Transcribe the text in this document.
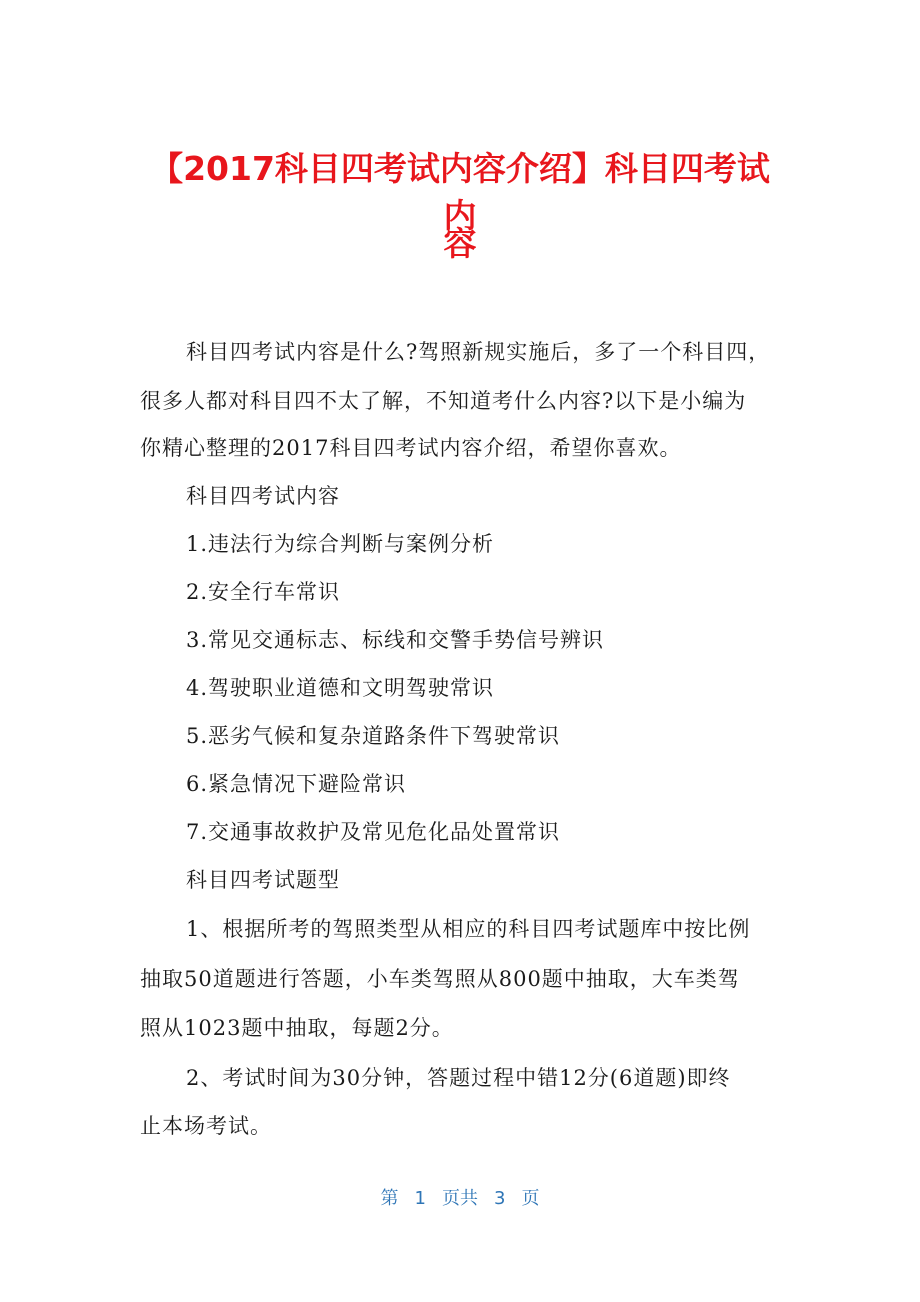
【2017科目四考试内容介绍】科目四考试内
容

科目四考试内容是什么?驾照新规实施后，多了一个科目四，

很多人都对科目四不太了解，不知道考什么内容?以下是小编为

你精心整理的2017科目四考试内容介绍，希望你喜欢。

科目四考试内容

1.违法行为综合判断与案例分析

2.安全行车常识

3.常见交通标志、标线和交警手势信号辨识

4.驾驶职业道德和文明驾驶常识

5.恶劣气候和复杂道路条件下驾驶常识

6.紧急情况下避险常识

7.交通事故救护及常见危化品处置常识

科目四考试题型

1、根据所考的驾照类型从相应的科目四考试题库中按比例

抽取50道题进行答题，小车类驾照从800题中抽取，大车类驾

照从1023题中抽取，每题2分。

2、考试时间为30分钟，答题过程中错12分(6道题)即终

止本场考试。

第 1 页共 3 页
